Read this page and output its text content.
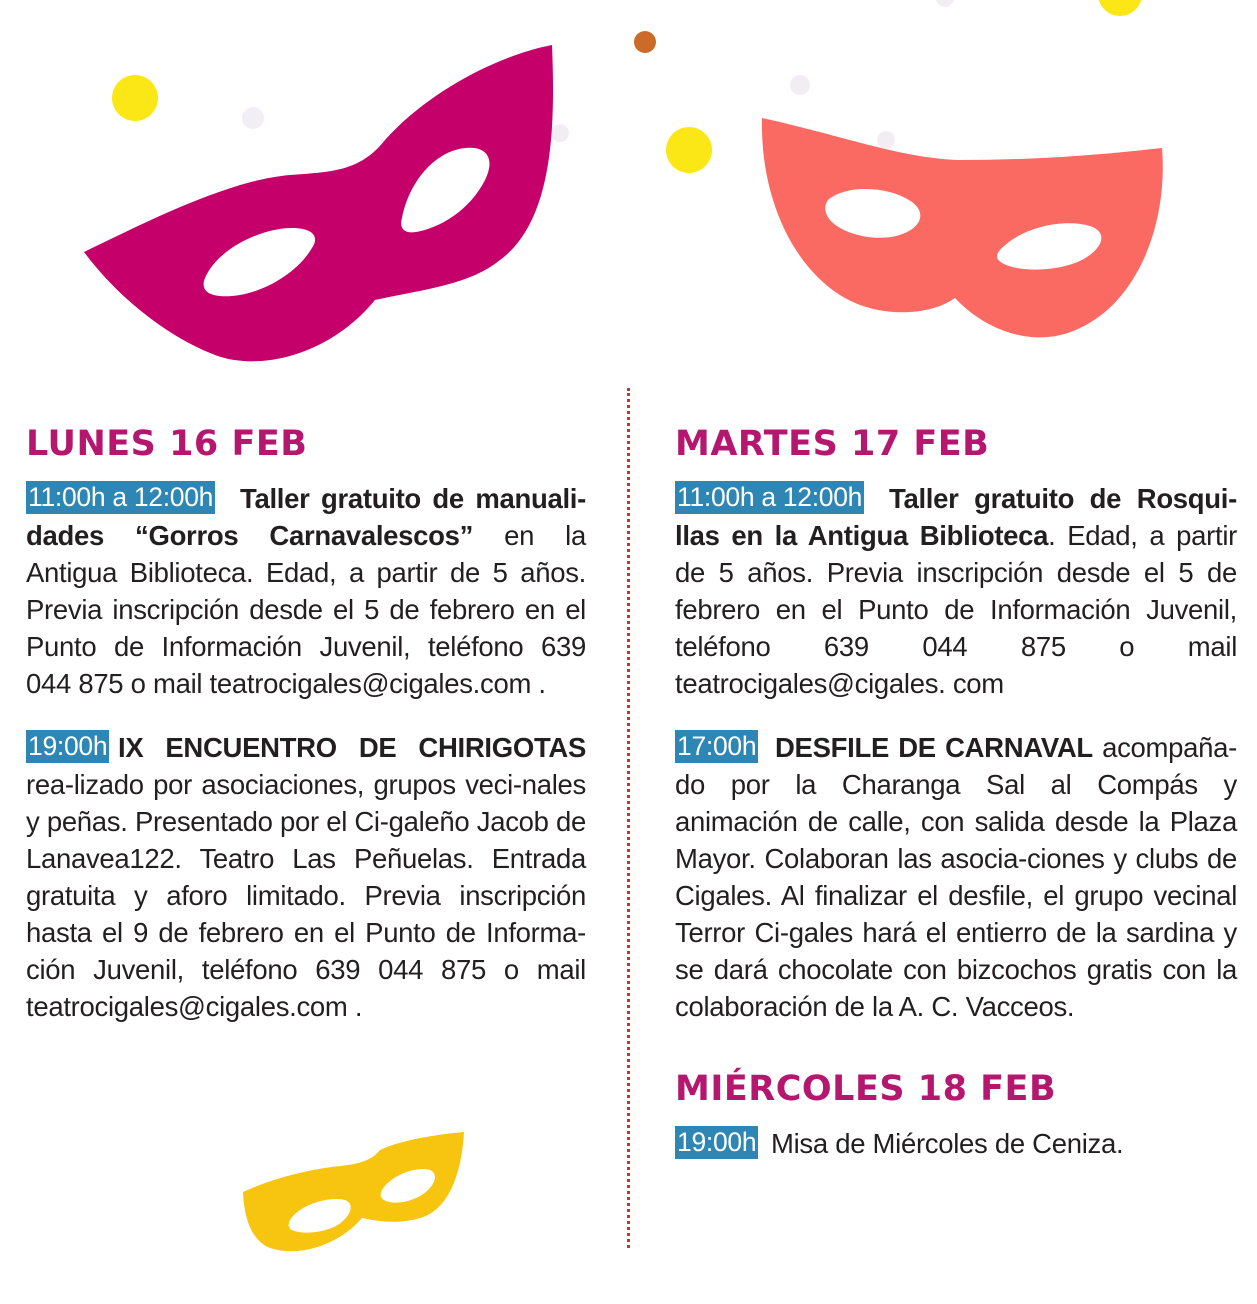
LUNES 16 FEB
11:00h a 12:00h Taller gratuito de manuali-dades “Gorros Carnavalescos” en la Antigua Biblioteca. Edad, a partir de 5 años. Previa inscripción desde el 5 de febrero en el Punto de Información Juvenil, teléfono 639 044 875 o mail teatrocigales@cigales.com .

19:00h IX ENCUENTRO DE CHIRIGOTAS rea-lizado por asociaciones, grupos veci-nales y peñas. Presentado por el Ci-galeño Jacob de Lanavea122. Teatro Las Peñuelas. Entrada gratuita y aforo limitado. Previa inscripción hasta el 9 de febrero en el Punto de Informa-ción Juvenil, teléfono 639 044 875 o mail teatrocigales@cigales.com .

MARTES 17 FEB
11:00h a 12:00h Taller gratuito de Rosqui-llas en la Antigua Biblioteca. Edad, a partir de 5 años. Previa inscripción desde el 5 de febrero en el Punto de Información Juvenil, teléfono 639 044 875 o mail teatrocigales@cigales. com

17:00h DESFILE DE CARNAVAL acompaña-do por la Charanga Sal al Compás y animación de calle, con salida desde la Plaza Mayor. Colaboran las asocia-ciones y clubs de Cigales. Al finalizar el desfile, el grupo vecinal Terror Ci-gales hará el entierro de la sardina y se dará chocolate con bizcochos gratis con la colaboración de la A. C. Vacceos.

MIÉRCOLES 18 FEB
19:00h Misa de Miércoles de Ceniza.
